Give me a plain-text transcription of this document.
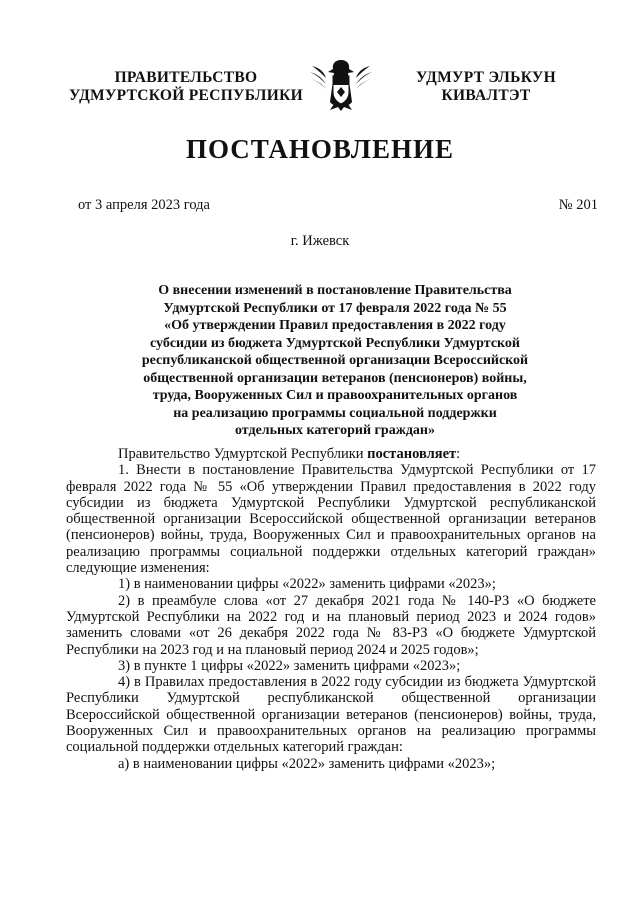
ПРАВИТЕЛЬСТВО
УДМУРТСКОЙ РЕСПУБЛИКИ
УДМУРТ ЭЛЬКУН
КИВАЛТЭТ
ПОСТАНОВЛЕНИЕ
от 3 апреля 2023 года	№ 201
г. Ижевск
О внесении изменений в постановление Правительства
Удмуртской Республики от 17 февраля 2022 года № 55
«Об утверждении Правил предоставления в 2022 году
субсидии из бюджета Удмуртской Республики Удмуртской
республиканской общественной организации Всероссийской
общественной организации ветеранов (пенсионеров) войны,
труда, Вооруженных Сил и правоохранительных органов
на реализацию программы социальной поддержки
отдельных категорий граждан»

Правительство Удмуртской Республики постановляет:

1. Внести в постановление Правительства Удмуртской Республики от 17 февраля 2022 года № 55 «Об утверждении Правил предоставления в 2022 году субсидии из бюджета Удмуртской Республики Удмуртской республиканской общественной организации Всероссийской общественной организации ветеранов (пенсионеров) войны, труда, Вооруженных Сил и правоохранительных органов на реализацию программы социальной поддержки отдельных категорий граждан» следующие изменения:

1) в наименовании цифры «2022» заменить цифрами «2023»;

2) в преамбуле слова «от 27 декабря 2021 года № 140-РЗ «О бюджете Удмуртской Республики на 2022 год и на плановый период 2023 и 2024 годов» заменить словами «от 26 декабря 2022 года № 83-РЗ «О бюджете Удмуртской Республики на 2023 год и на плановый период 2024 и 2025 годов»;

3) в пункте 1 цифры «2022» заменить цифрами «2023»;

4) в Правилах предоставления в 2022 году субсидии из бюджета Удмуртской Республики Удмуртской республиканской общественной организации Всероссийской общественной организации ветеранов (пенсионеров) войны, труда, Вооруженных Сил и правоохранительных органов на реализацию программы социальной поддержки отдельных категорий граждан:

а) в наименовании цифры «2022» заменить цифрами «2023»;
